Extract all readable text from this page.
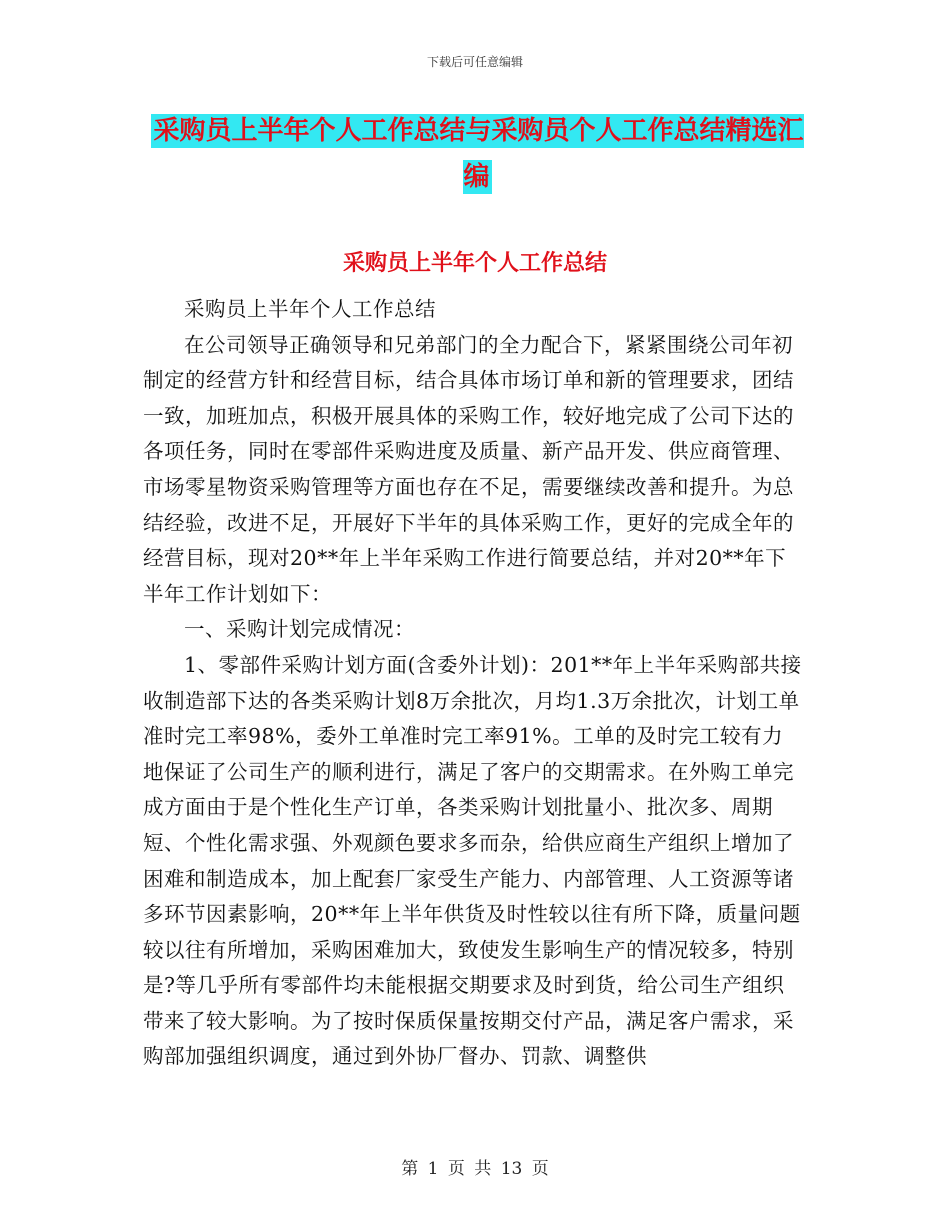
下载后可任意编辑
采购员上半年个人工作总结与采购员个人工作总结精选汇编
采购员上半年个人工作总结

采购员上半年个人工作总结

在公司领导正确领导和兄弟部门的全力配合下，紧紧围绕公司年初制定的经营方针和经营目标，结合具体市场订单和新的管理要求，团结一致，加班加点，积极开展具体的采购工作，较好地完成了公司下达的各项任务，同时在零部件采购进度及质量、新产品开发、供应商管理、市场零星物资采购管理等方面也存在不足，需要继续改善和提升。为总结经验，改进不足，开展好下半年的具体采购工作，更好的完成全年的经营目标，现对20**年上半年采购工作进行简要总结，并对20**年下半年工作计划如下：

一、采购计划完成情况：

1、零部件采购计划方面(含委外计划)：201**年上半年采购部共接收制造部下达的各类采购计划8万余批次，月均1.3万余批次，计划工单准时完工率98%，委外工单准时完工率91%。工单的及时完工较有力地保证了公司生产的顺利进行，满足了客户的交期需求。在外购工单完成方面由于是个性化生产订单，各类采购计划批量小、批次多、周期短、个性化需求强、外观颜色要求多而杂，给供应商生产组织上增加了困难和制造成本，加上配套厂家受生产能力、内部管理、人工资源等诸多环节因素影响，20**年上半年供货及时性较以往有所下降，质量问题较以往有所增加，采购困难加大，致使发生影响生产的情况较多，特别是?等几乎所有零部件均未能根据交期要求及时到货，给公司生产组织带来了较大影响。为了按时保质保量按期交付产品，满足客户需求，采购部加强组织调度，通过到外协厂督办、罚款、调整供

第 1 页 共 13 页
